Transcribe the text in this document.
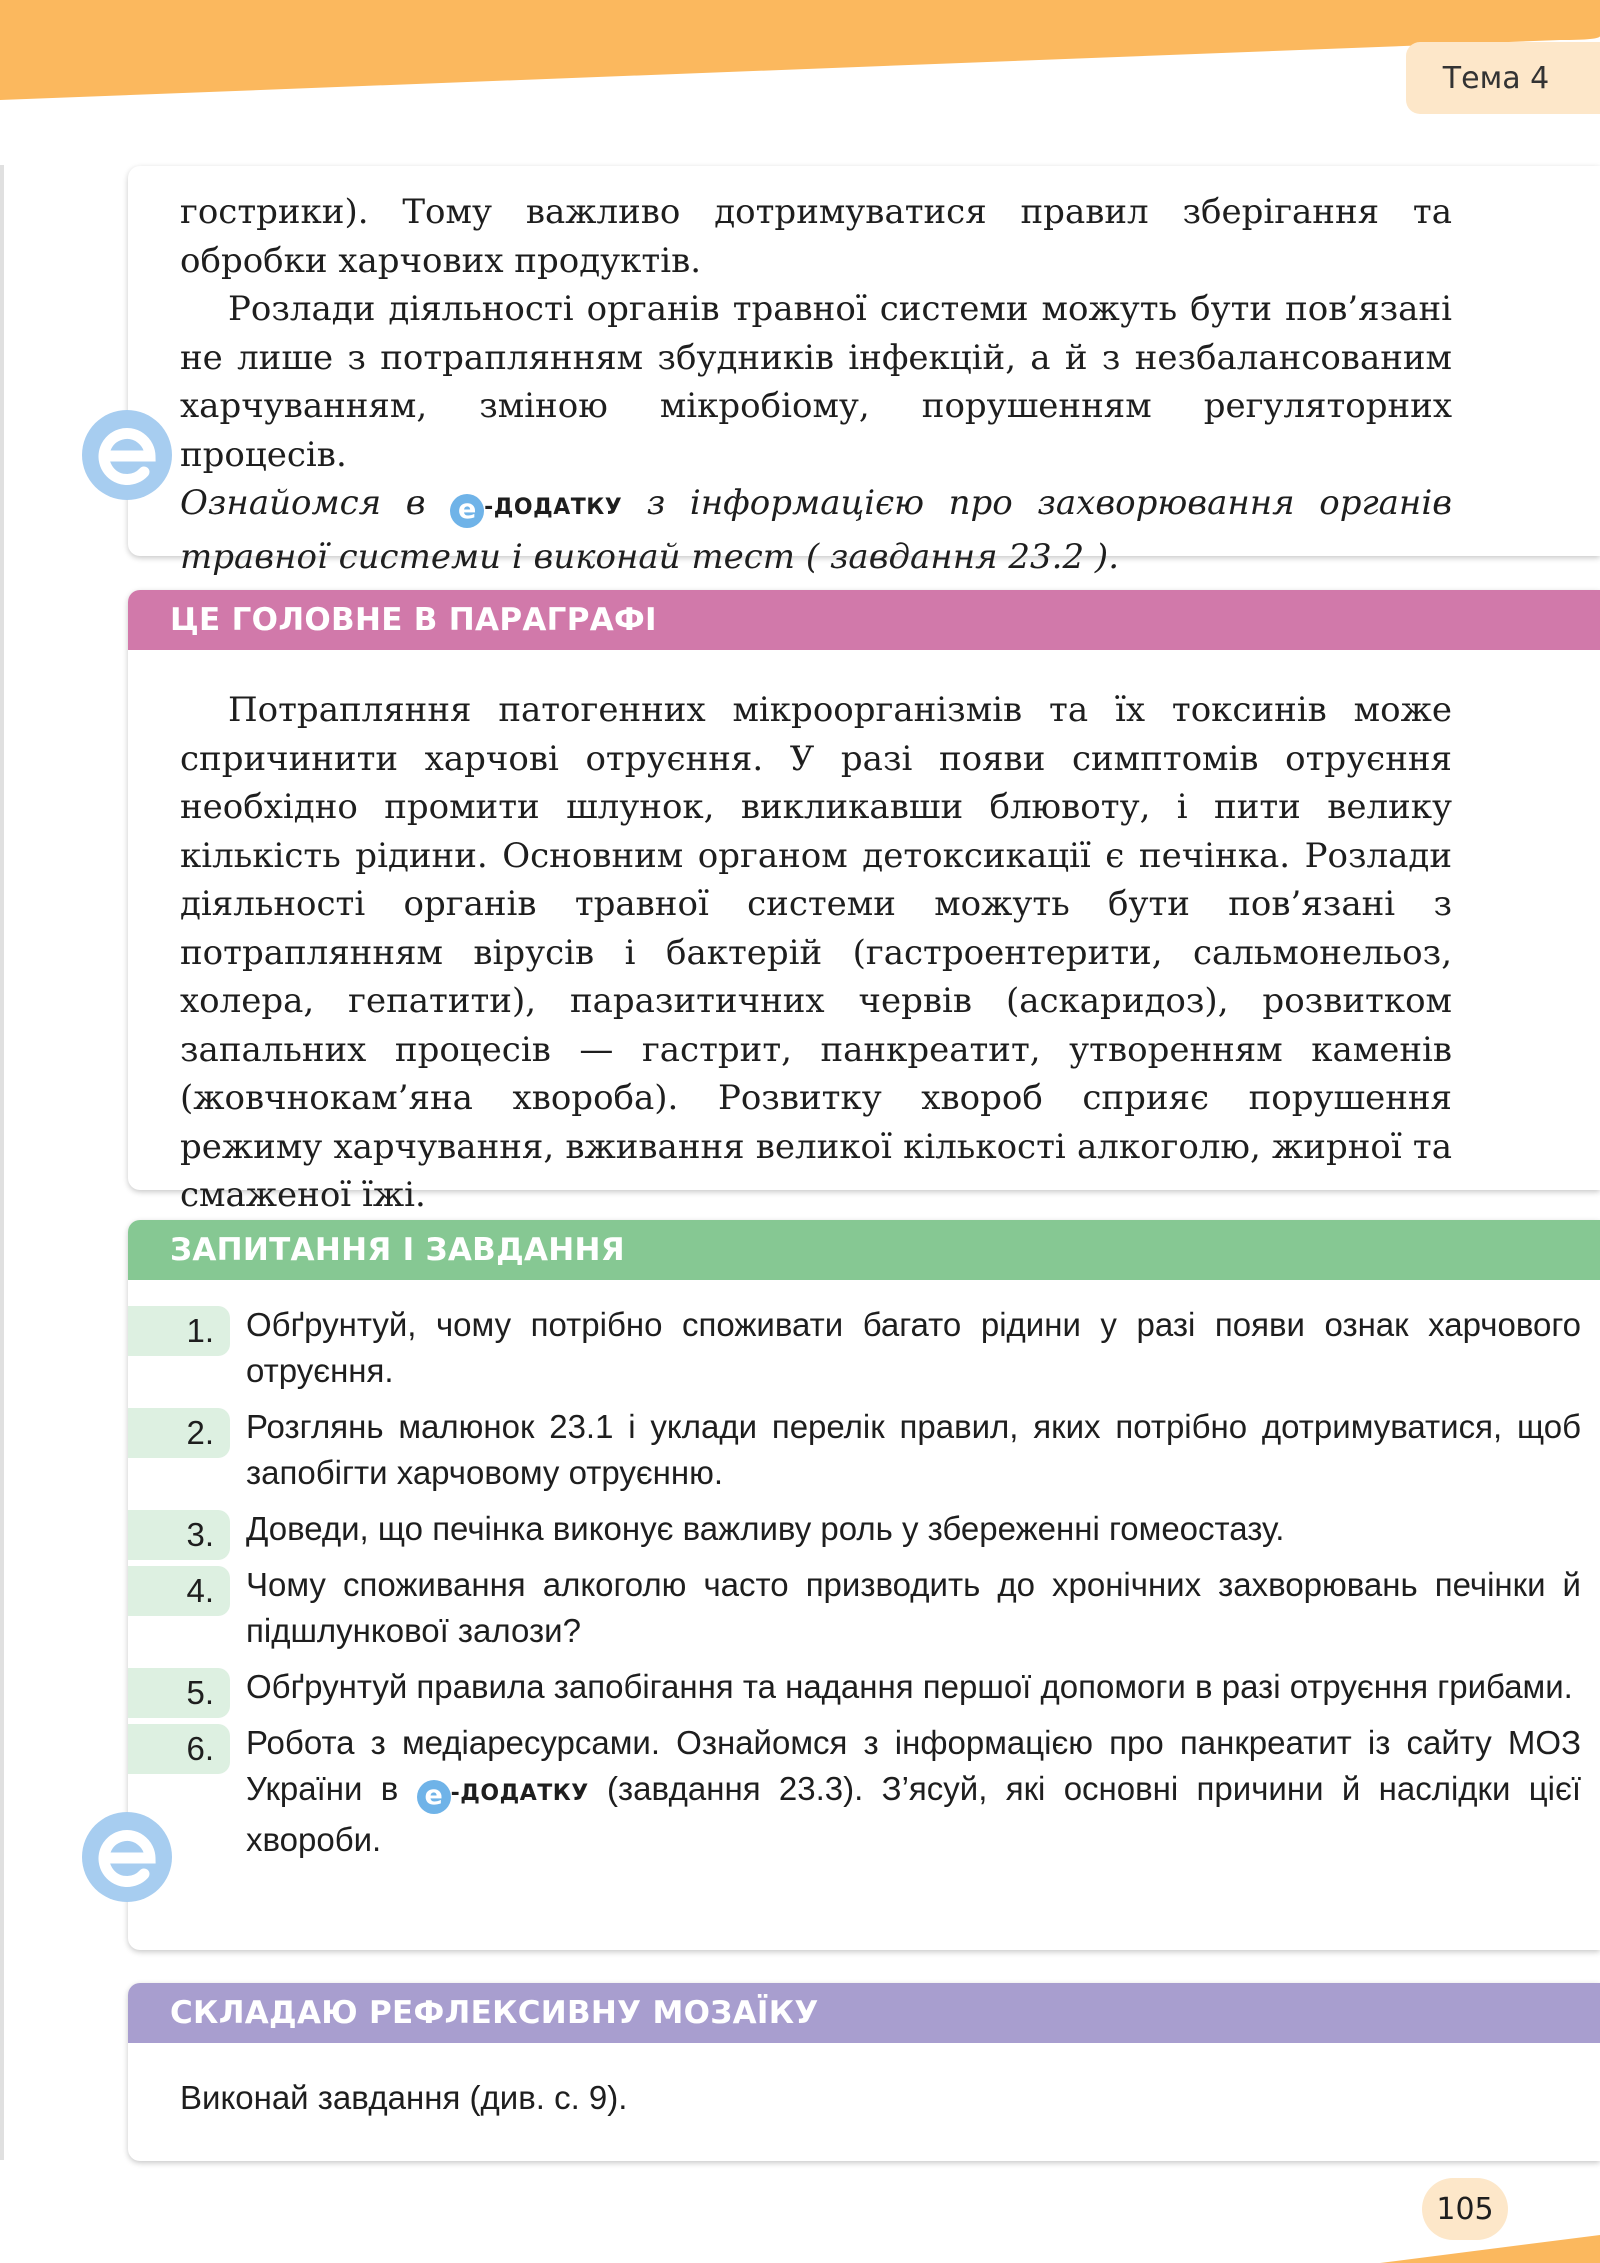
Тема 4

гострики). Тому важливо дотримуватися правил зберігання та обробки харчових продуктів.

Розлади діяльності органів травної системи можуть бути пов’язані не лише з потраплянням збудників інфекцій, а й з незбалансованим харчуванням, зміною мікробіому, порушенням регуляторних процесів.

Ознайомся в e -ДОДАТКУ з інформацією про захворювання органів травної системи і виконай тест ( завдання 23.2 ).

ЦЕ ГОЛОВНЕ В ПАРАГРАФІ

Потрапляння патогенних мікроорганізмів та їх токсинів може спричинити харчові отруєння. У разі появи симптомів отруєння необхідно промити шлунок, викликавши блювоту, і пити велику кількість рідини. Основним органом детоксикації є печінка. Розлади діяльності органів травної системи можуть бути пов’язані з потраплянням вірусів і бактерій (гастроентерити, сальмонельоз, холера, гепатити), паразитичних червів (аскаридоз), розвитком запальних процесів — гастрит, панкреатит, утворенням каменів (жовчнокам’яна хвороба). Розвитку хвороб сприяє порушення режиму харчування, вживання великої кількості алкоголю, жирної та смаженої їжі.

ЗАПИТАННЯ І ЗАВДАННЯ
1. Обґрунтуй, чому потрібно споживати багато рідини у разі появи ознак харчового отруєння.
2. Розглянь малюнок 23.1 і уклади перелік правил, яких потрібно дотримуватися, щоб запобігти харчовому отруєнню.
3. Доведи, що печінка виконує важливу роль у збереженні гомеостазу.
4. Чому споживання алкоголю часто призводить до хронічних захворювань печінки й підшлункової залози?
5. Обґрунтуй правила запобігання та надання першої допомоги в разі отруєння грибами.
6. Робота з медіаресурсами. Ознайомся з інформацією про панкреатит із сайту МОЗ України в e -ДОДАТКУ (завдання 23.3). З’ясуй, які основні причини й наслідки цієї хвороби.
СКЛАДАЮ РЕФЛЕКСИВНУ МОЗАЇКУ
Виконай завдання (див. с. 9).
105
